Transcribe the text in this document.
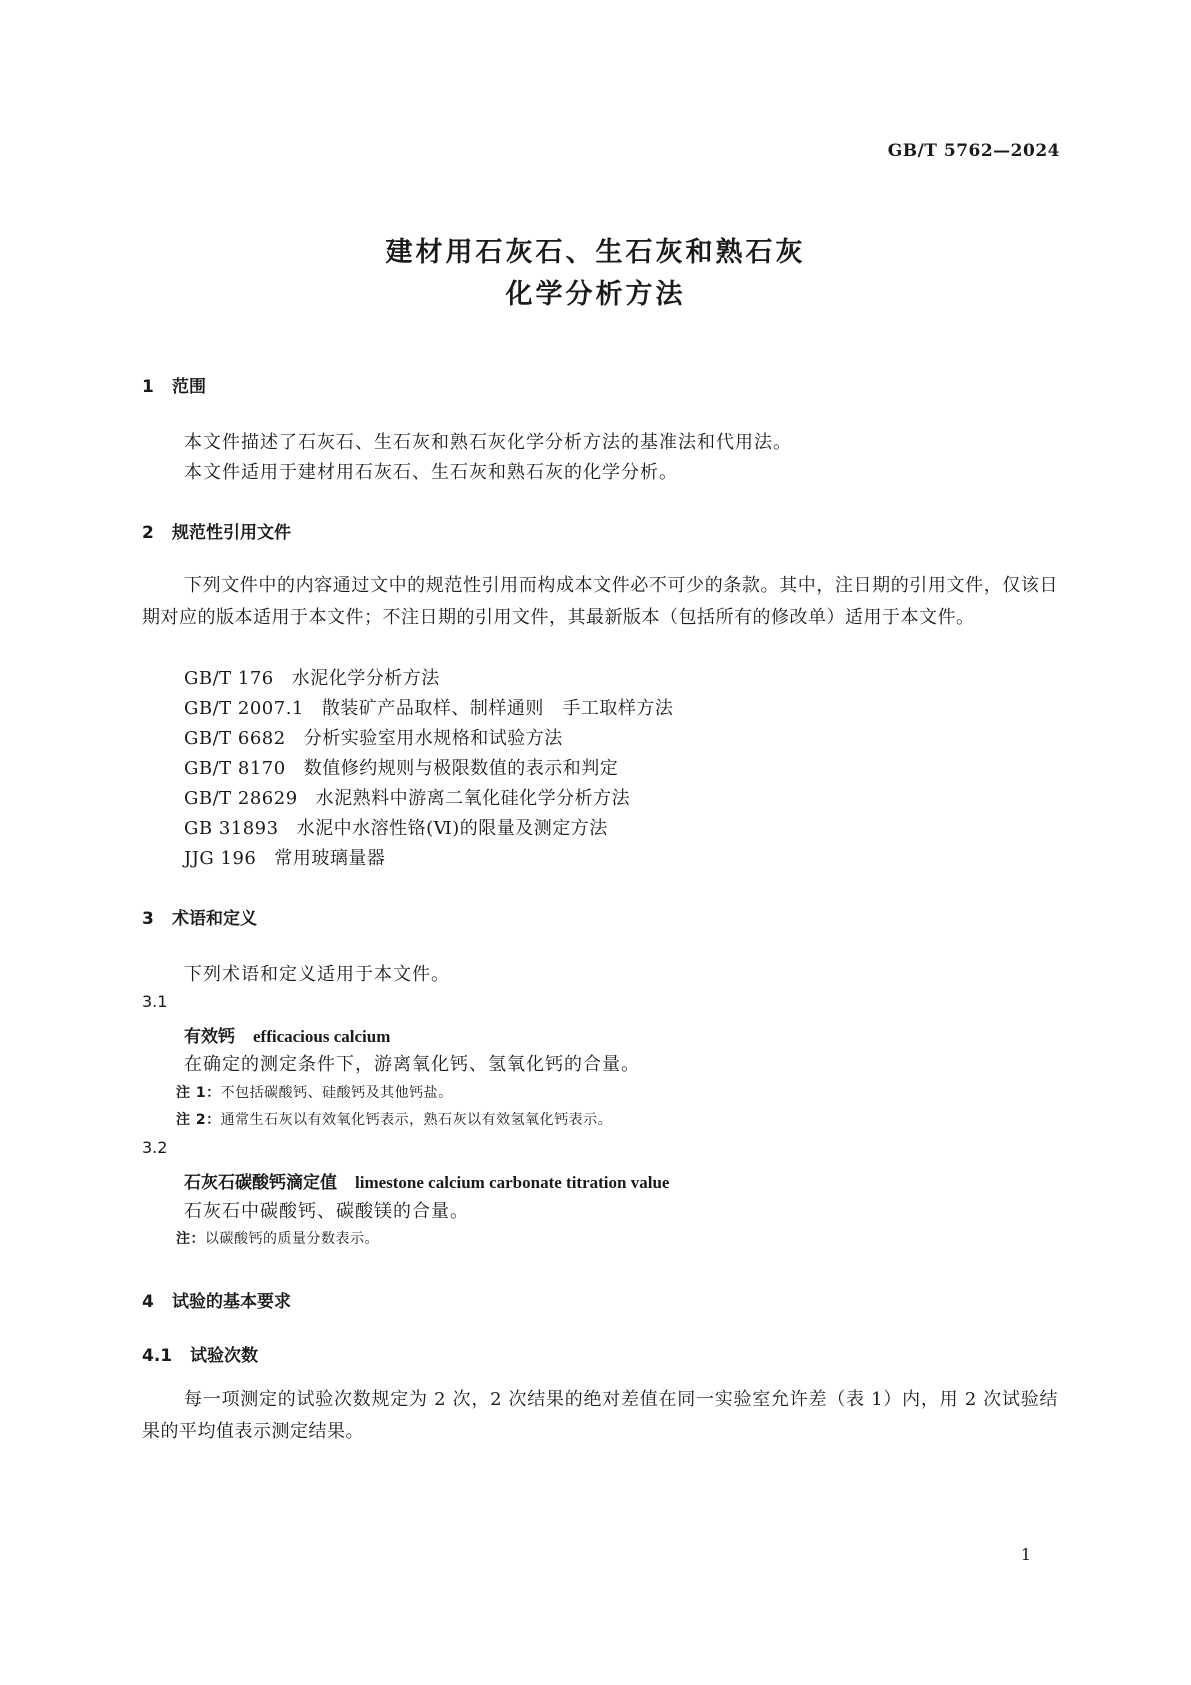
GB/T 5762—2024
建材用石灰石、生石灰和熟石灰
化学分析方法
1 范围
本文件描述了石灰石、生石灰和熟石灰化学分析方法的基准法和代用法。
本文件适用于建材用石灰石、生石灰和熟石灰的化学分析。
2 规范性引用文件
下列文件中的内容通过文中的规范性引用而构成本文件必不可少的条款。其中，注日期的引用文件，仅该日期对应的版本适用于本文件；不注日期的引用文件，其最新版本（包括所有的修改单）适用于本文件。
GB/T 176 水泥化学分析方法
GB/T 2007.1 散装矿产品取样、制样通则　手工取样方法
GB/T 6682 分析实验室用水规格和试验方法
GB/T 8170 数值修约规则与极限数值的表示和判定
GB/T 28629 水泥熟料中游离二氧化硅化学分析方法
GB 31893 水泥中水溶性铬(Ⅵ)的限量及测定方法
JJG 196 常用玻璃量器
3 术语和定义
下列术语和定义适用于本文件。
3.1
有效钙 efficacious calcium
在确定的测定条件下，游离氧化钙、氢氧化钙的合量。
注 1：不包括碳酸钙、硅酸钙及其他钙盐。
注 2：通常生石灰以有效氧化钙表示，熟石灰以有效氢氧化钙表示。
3.2
石灰石碳酸钙滴定值 limestone calcium carbonate titration value
石灰石中碳酸钙、碳酸镁的合量。
注：以碳酸钙的质量分数表示。
4 试验的基本要求
4.1 试验次数
每一项测定的试验次数规定为 2 次，2 次结果的绝对差值在同一实验室允许差（表 1）内，用 2 次试验结果的平均值表示测定结果。
1
